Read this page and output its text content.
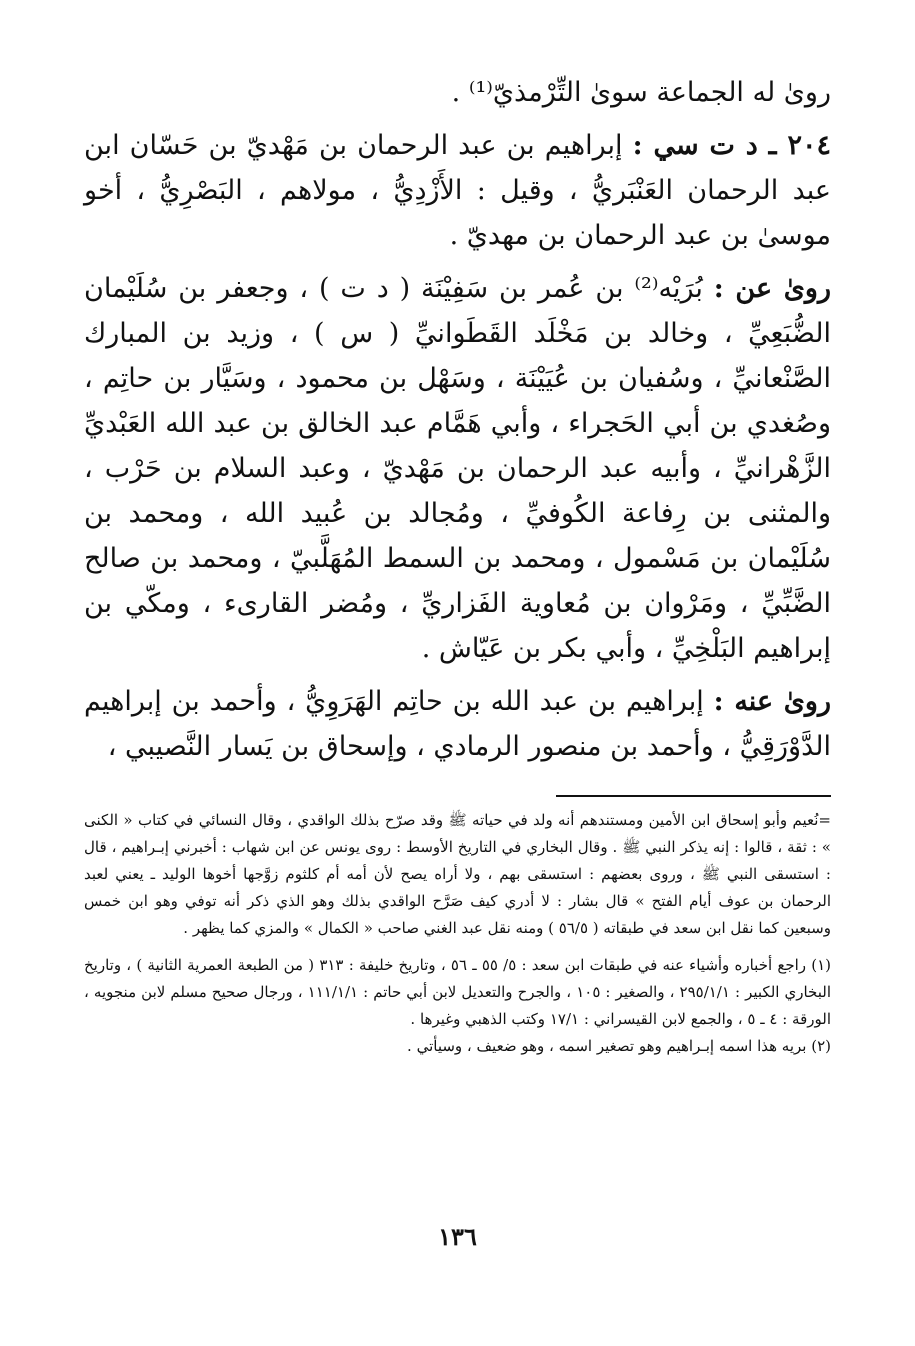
روىٰ له الجماعة سوىٰ التِّرْمذيّ⁽¹⁾ .

٢٠٤ ـ د ت سي : إبراهيم بن عبد الرحمان بن مَهْديّ بن حَسّان ابن عبد الرحمان العَنْبَريُّ ، وقيل : الأَزْدِيُّ ، مولاهم ، البَصْرِيُّ ، أخو موسىٰ بن عبد الرحمان بن مهديّ .

روىٰ عن : بُرَيْه⁽²⁾ بن عُمر بن سَفِيْنَة ( د ت ) ، وجعفر بن سُلَيْمان الضُّبَعِيِّ ، وخالد بن مَخْلَد القَطَوانيِّ ( س ) ، وزيد بن المبارك الصَّنْعانيِّ ، وسُفيان بن عُيَيْنَة ، وسَهْل بن محمود ، وسَيَّار بن حاتِم ، وصُغدي بن أبي الحَجراء ، وأبي هَمَّام عبد الخالق بن عبد الله العَبْديِّ الزَّهْرانيِّ ، وأبيه عبد الرحمان بن مَهْديّ ، وعبد السلام بن حَرْب ، والمثنى بن رِفاعة الكُوفيِّ ، ومُجالد بن عُبيد الله ، ومحمد بن سُلَيْمان بن مَسْمول ، ومحمد بن السمط المُهَلَّبيّ ، ومحمد بن صالح الضَّبِّيِّ ، ومَرْوان بن مُعاوية الفَزاريِّ ، ومُضر القارىء ، ومكّي بن إبراهيم البَلْخِيِّ ، وأبي بكر بن عَيّاش .

روىٰ عنه : إبراهيم بن عبد الله بن حاتِم الهَرَوِيُّ ، وأحمد بن إبراهيم الدَّوْرَقِيُّ ، وأحمد بن منصور الرمادي ، وإسحاق بن يَسار النَّصيبي ،

=نُعيم وأبو إسحاق ابن الأمين ومستندهم أنه ولد في حياته ﷺ وقد صرّح بذلك الواقدي ، وقال النسائي في كتاب « الكنى » : ثقة ، قالوا : إنه يذكر النبي ﷺ . وقال البخاري في التاريخ الأوسط : روى يونس عن ابن شهاب : أخبرني إبـراهيم ، قال : استسقى النبي ﷺ ، وروى بعضهم : استسقى بهم ، ولا أراه يصح لأن أمه أم كلثوم زوَّجها أخوها الوليد ـ يعني لعبد الرحمان بن عوف أيام الفتح » قال بشار : لا أدري كيف صَرَّح الواقدي بذلك وهو الذي ذكر أنه توفي وهو ابن خمس وسبعين كما نقل ابن سعد في طبقاته ( ٥٦/٥ ) ومنه نقل عبد الغني صاحب « الكمال » والمزي كما يظهر .

(١) راجع أخباره وأشياء عنه في طبقات ابن سعد : ٥/ ٥٥ ـ ٥٦ ، وتاريخ خليفة : ٣١٣ ( من الطبعة العمرية الثانية ) ، وتاريخ البخاري الكبير : ٢٩٥/١/١ ، والصغير : ١٠٥ ، والجرح والتعديل لابن أبي حاتم : ١١١/١/١ ، ورجال صحيح مسلم لابن منجويه ، الورقة : ٤ ـ ٥ ، والجمع لابن القيسراني : ١٧/١ وكتب الذهبي وغيرها .

(٢) بريه هذا اسمه إبـراهيم وهو تصغير اسمه ، وهو ضعيف ، وسيأتي .

١٣٦
